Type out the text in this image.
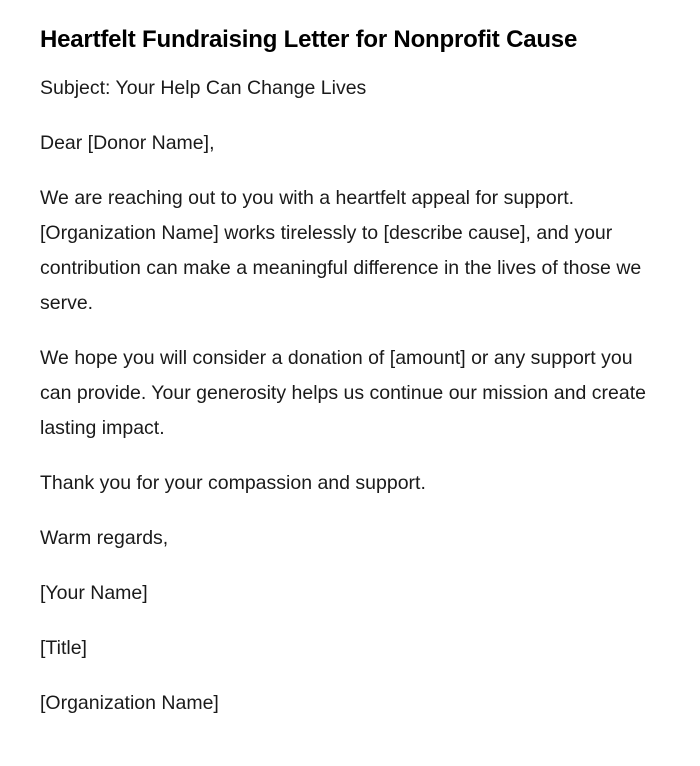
Heartfelt Fundraising Letter for Nonprofit Cause

Subject: Your Help Can Change Lives

Dear [Donor Name],

We are reaching out to you with a heartfelt appeal for support. [Organization Name] works tirelessly to [describe cause], and your contribution can make a meaningful difference in the lives of those we serve.

We hope you will consider a donation of [amount] or any support you can provide. Your generosity helps us continue our mission and create lasting impact.

Thank you for your compassion and support.

Warm regards,

[Your Name]

[Title]

[Organization Name]
